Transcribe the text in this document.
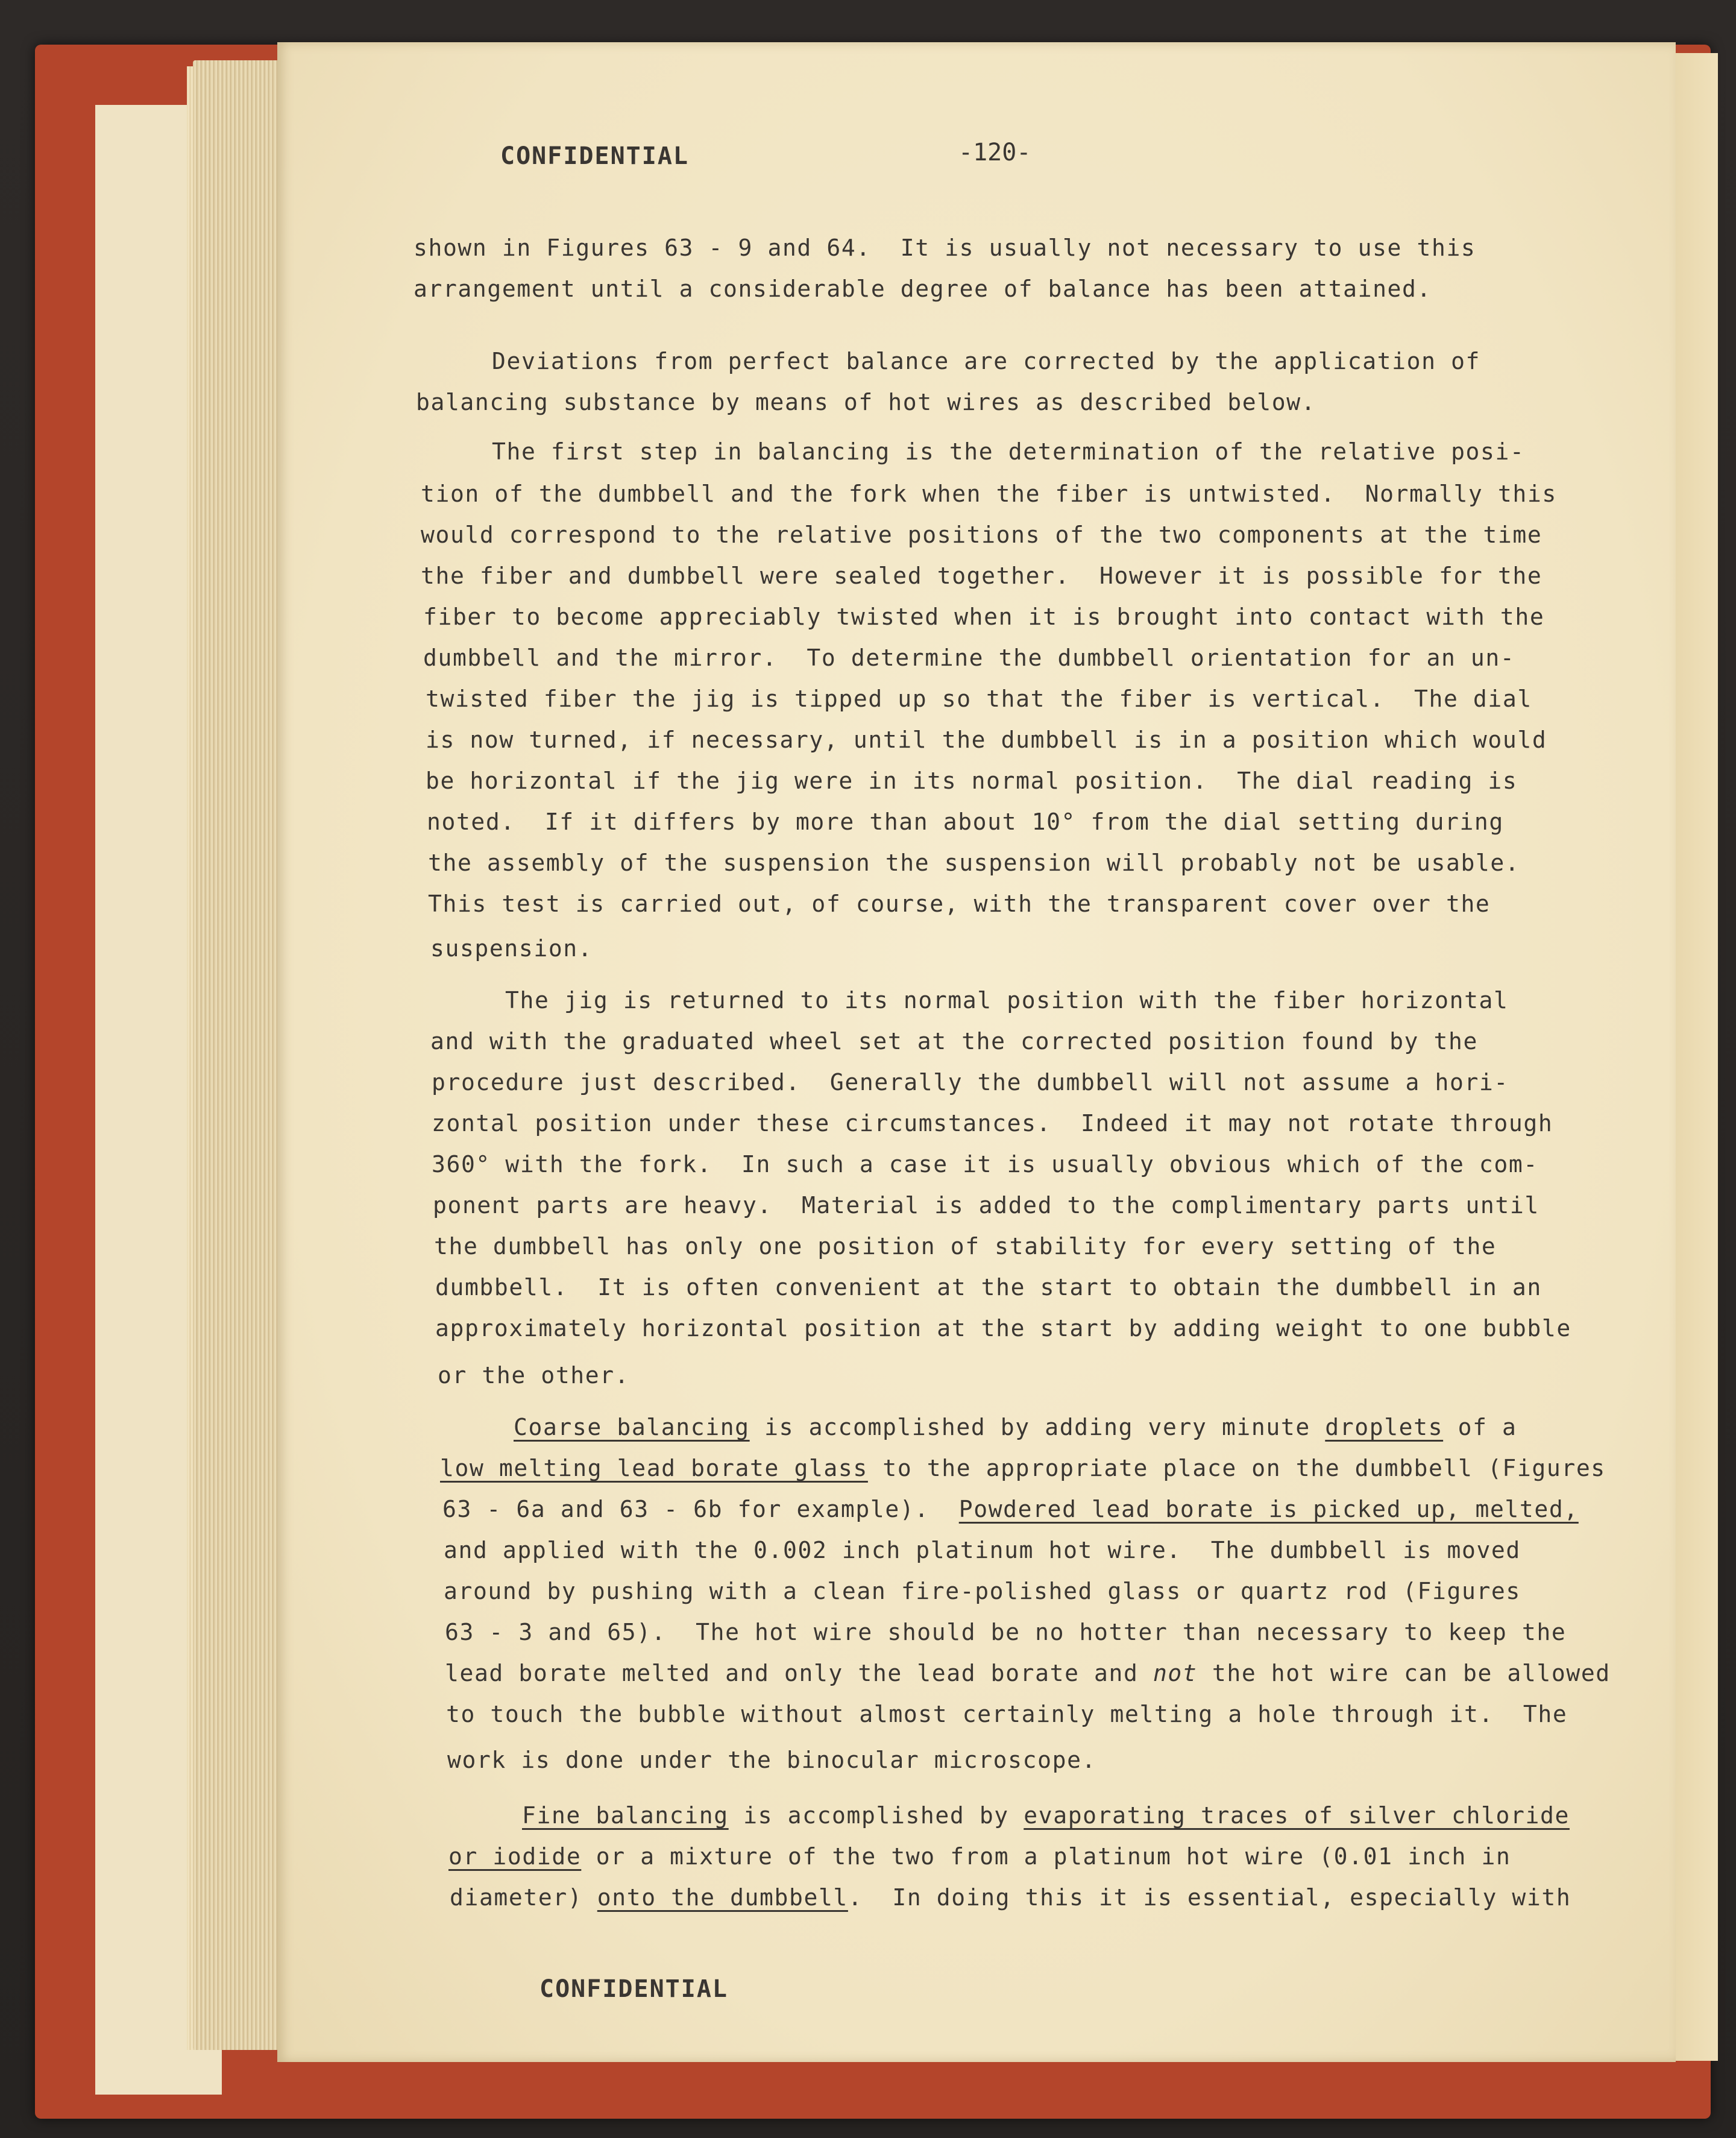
CONFIDENTIAL	-120-
shown in Figures 63 - 9 and 64.  It is usually not necessary to use this
arrangement until a considerable degree of balance has been attained.
Deviations from perfect balance are corrected by the application of
balancing substance by means of hot wires as described below.
The first step in balancing is the determination of the relative posi-
tion of the dumbbell and the fork when the fiber is untwisted.  Normally this
would correspond to the relative positions of the two components at the time
the fiber and dumbbell were sealed together.  However it is possible for the
fiber to become appreciably twisted when it is brought into contact with the
dumbbell and the mirror.  To determine the dumbbell orientation for an un-
twisted fiber the jig is tipped up so that the fiber is vertical.  The dial
is now turned, if necessary, until the dumbbell is in a position which would
be horizontal if the jig were in its normal position.  The dial reading is
noted.  If it differs by more than about 10° from the dial setting during
the assembly of the suspension the suspension will probably not be usable.
This test is carried out, of course, with the transparent cover over the
suspension.
The jig is returned to its normal position with the fiber horizontal
and with the graduated wheel set at the corrected position found by the
procedure just described.  Generally the dumbbell will not assume a hori-
zontal position under these circumstances.  Indeed it may not rotate through
360° with the fork.  In such a case it is usually obvious which of the com-
ponent parts are heavy.  Material is added to the complimentary parts until
the dumbbell has only one position of stability for every setting of the
dumbbell.  It is often convenient at the start to obtain the dumbbell in an
approximately horizontal position at the start by adding weight to one bubble
or the other.
Coarse balancing is accomplished by adding very minute droplets of a
low melting lead borate glass to the appropriate place on the dumbbell (Figures
63 - 6a and 63 - 6b for example).  Powdered lead borate is picked up, melted,
and applied with the 0.002 inch platinum hot wire.  The dumbbell is moved
around by pushing with a clean fire-polished glass or quartz rod (Figures
63 - 3 and 65).  The hot wire should be no hotter than necessary to keep the
lead borate melted and only the lead borate and not the hot wire can be allowed
to touch the bubble without almost certainly melting a hole through it.  The
work is done under the binocular microscope.
Fine balancing is accomplished by evaporating traces of silver chloride
or iodide or a mixture of the two from a platinum hot wire (0.01 inch in
diameter) onto the dumbbell.  In doing this it is essential, especially with
CONFIDENTIAL
